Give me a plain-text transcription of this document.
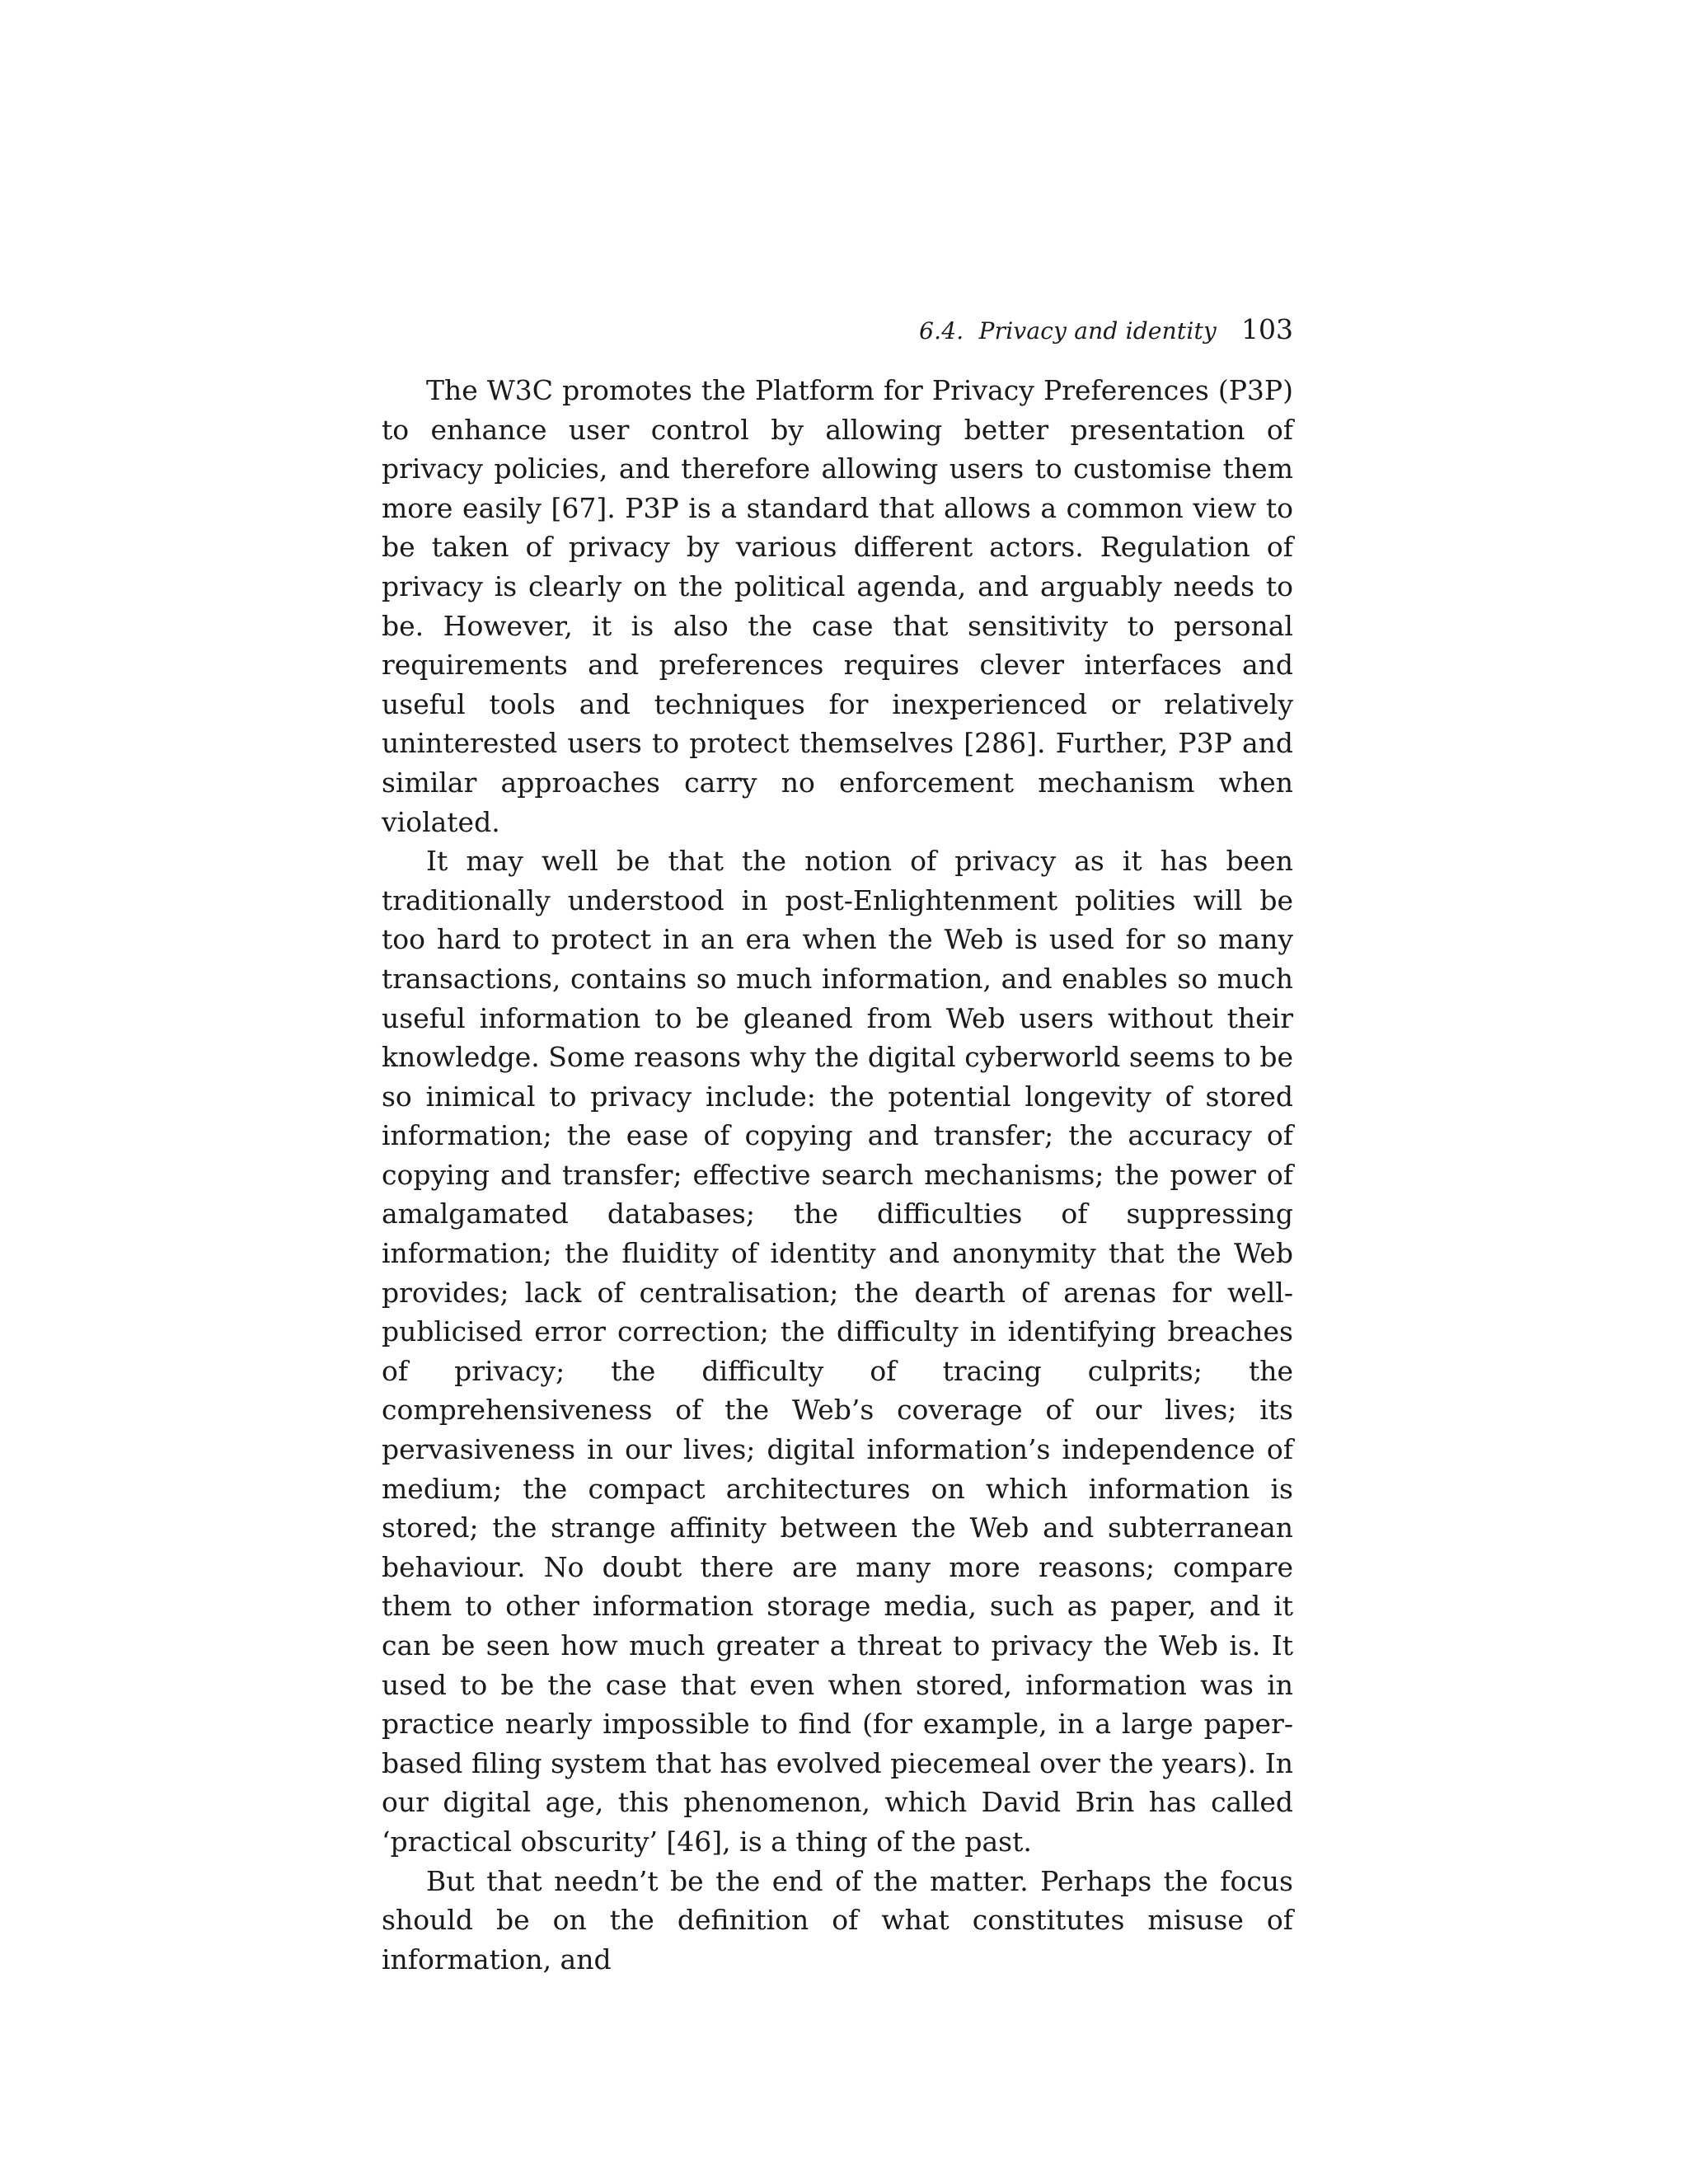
6.4. Privacy and identity 103

The W3C promotes the Platform for Privacy Preferences (P3P) to enhance user control by allowing better presentation of privacy policies, and therefore allowing users to customise them more easily [67]. P3P is a standard that allows a common view to be taken of privacy by various different actors. Regulation of privacy is clearly on the political agenda, and arguably needs to be. However, it is also the case that sensitivity to personal requirements and preferences requires clever interfaces and useful tools and techniques for inexperienced or relatively uninterested users to protect themselves [286]. Further, P3P and similar approaches carry no enforcement mechanism when violated.

It may well be that the notion of privacy as it has been traditionally understood in post-Enlightenment polities will be too hard to protect in an era when the Web is used for so many transactions, contains so much information, and enables so much useful information to be gleaned from Web users without their knowledge. Some reasons why the digital cyberworld seems to be so inimical to privacy include: the potential longevity of stored information; the ease of copying and transfer; the accuracy of copying and transfer; effective search mechanisms; the power of amalgamated databases; the difficulties of suppressing information; the fluidity of identity and anonymity that the Web provides; lack of centralisation; the dearth of arenas for well-publicised error correction; the difficulty in identifying breaches of privacy; the difficulty of tracing culprits; the comprehensiveness of the Web’s coverage of our lives; its pervasiveness in our lives; digital information’s independence of medium; the compact architectures on which information is stored; the strange affinity between the Web and subterranean behaviour. No doubt there are many more reasons; compare them to other information storage media, such as paper, and it can be seen how much greater a threat to privacy the Web is. It used to be the case that even when stored, information was in practice nearly impossible to find (for example, in a large paper-based filing system that has evolved piecemeal over the years). In our digital age, this phenomenon, which David Brin has called ‘practical obscurity’ [46], is a thing of the past.

But that needn’t be the end of the matter. Perhaps the focus should be on the definition of what constitutes misuse of information, and
